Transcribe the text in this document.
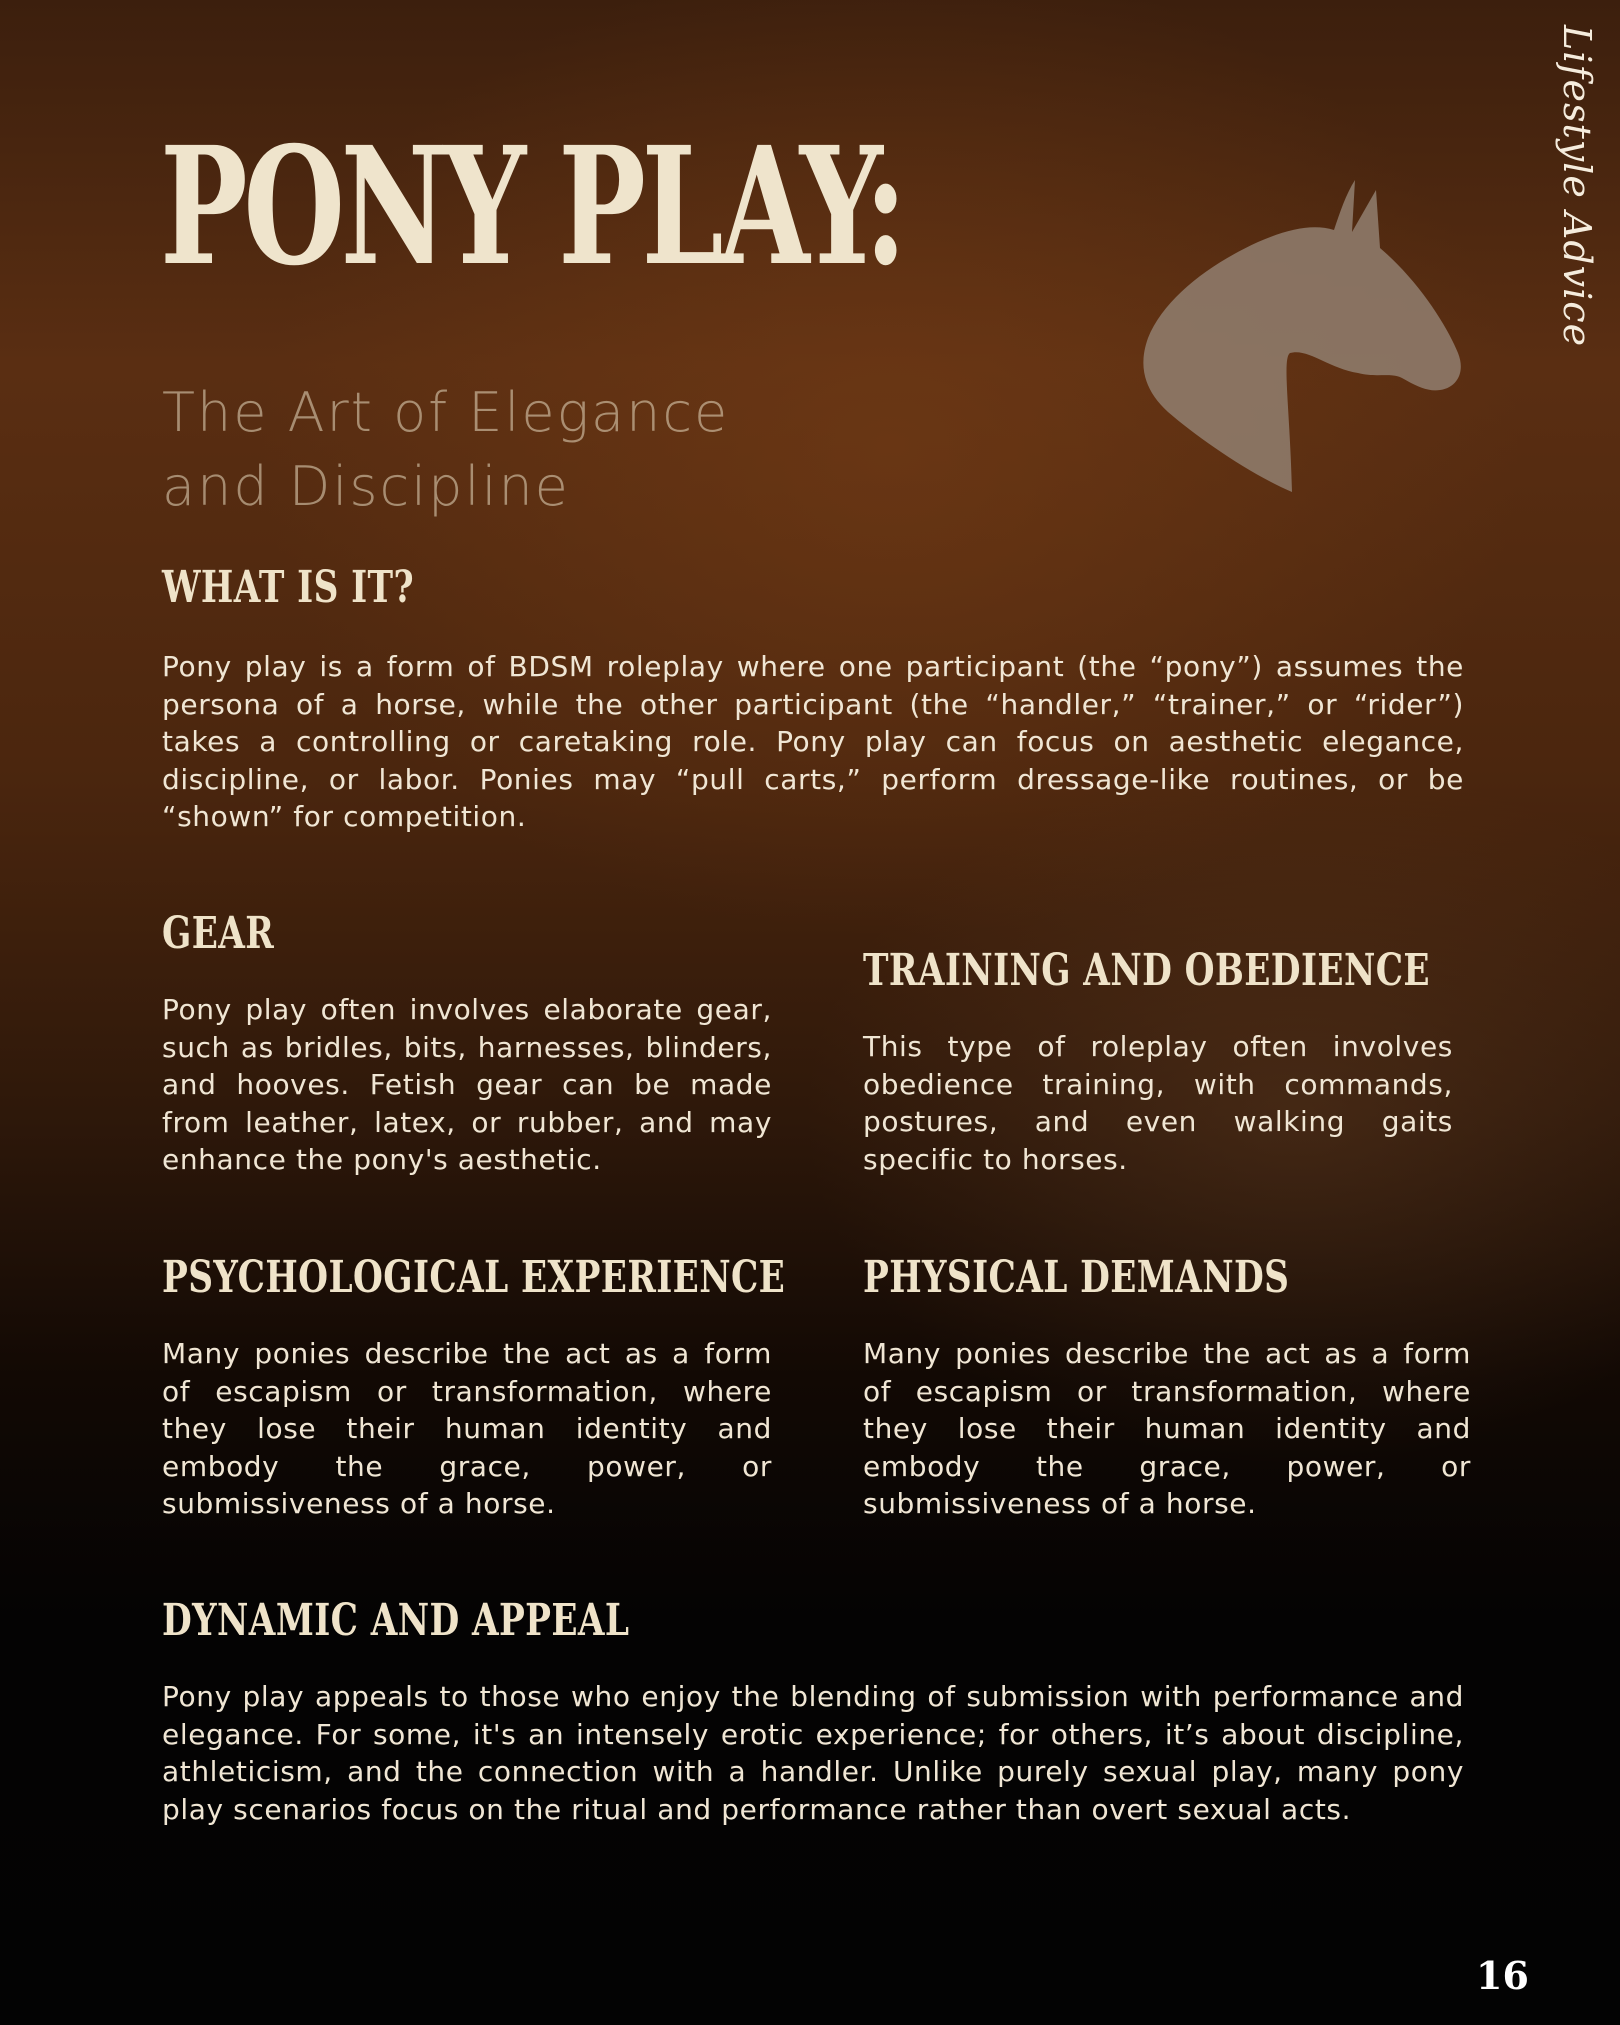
Lifestyle Advice
PONY PLAY:
The Art of Elegance
and Discipline
WHAT IS IT?

Pony play is a form of BDSM roleplay where one participant (the “pony”) assumes the persona of a horse, while the other participant (the “handler,” “trainer,” or “rider”) takes a controlling or caretaking role. Pony play can focus on aesthetic elegance, discipline, or labor. Ponies may “pull carts,” perform dressage-like routines, or be “shown” for competition.

GEAR

Pony play often involves elaborate gear, such as bridles, bits, harnesses, blinders, and hooves. Fetish gear can be made from leather, latex, or rubber, and may enhance the pony's aesthetic.

TRAINING AND OBEDIENCE

This type of roleplay often involves obedience training, with commands, postures, and even walking gaits specific to horses.

PSYCHOLOGICAL EXPERIENCE

Many ponies describe the act as a form of escapism or transformation, where they lose their human identity and embody the grace, power, or submissiveness of a horse.

PHYSICAL DEMANDS

Many ponies describe the act as a form of escapism or transformation, where they lose their human identity and embody the grace, power, or submissiveness of a horse.

DYNAMIC AND APPEAL

Pony play appeals to those who enjoy the blending of submission with performance and elegance. For some, it's an intensely erotic experience; for others, it’s about discipline, athleticism, and the connection with a handler. Unlike purely sexual play, many pony play scenarios focus on the ritual and performance rather than overt sexual acts.

16
